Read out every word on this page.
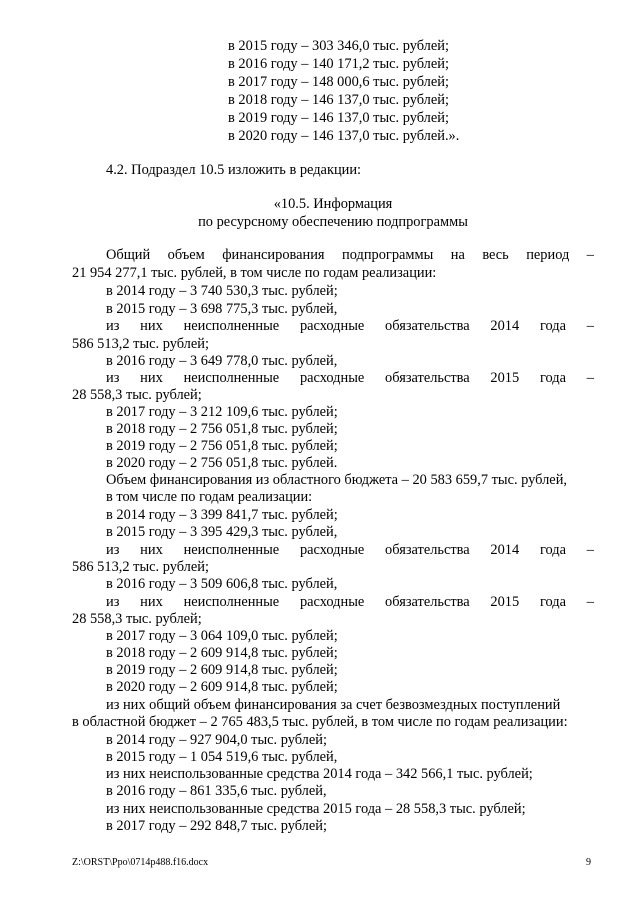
в 2015 году – 303 346,0 тыс. рублей;
в 2016 году – 140 171,2 тыс. рублей;
в 2017 году – 148 000,6 тыс. рублей;
в 2018 году – 146 137,0 тыс. рублей;
в 2019 году – 146 137,0 тыс. рублей;
в 2020 году – 146 137,0 тыс. рублей.».
4.2. Подраздел 10.5 изложить в редакции:
«10.5. Информация
по ресурсному обеспечению подпрограммы
Общий объем финансирования подпрограммы на весь период –
21 954 277,1 тыс. рублей, в том числе по годам реализации:
в 2014 году – 3 740 530,3 тыс. рублей;
в 2015 году – 3 698 775,3 тыс. рублей,
из них неисполненные расходные обязательства 2014 года –
586 513,2 тыс. рублей;
в 2016 году – 3 649 778,0 тыс. рублей,
из них неисполненные расходные обязательства 2015 года –
28 558,3 тыс. рублей;
в 2017 году – 3 212 109,6 тыс. рублей;
в 2018 году – 2 756 051,8 тыс. рублей;
в 2019 году – 2 756 051,8 тыс. рублей;
в 2020 году – 2 756 051,8 тыс. рублей.
Объем финансирования из областного бюджета – 20 583 659,7 тыс. рублей,
в том числе по годам реализации:
в 2014 году – 3 399 841,7 тыс. рублей;
в 2015 году – 3 395 429,3 тыс. рублей,
из них неисполненные расходные обязательства 2014 года –
586 513,2 тыс. рублей;
в 2016 году – 3 509 606,8 тыс. рублей,
из них неисполненные расходные обязательства 2015 года –
28 558,3 тыс. рублей;
в 2017 году – 3 064 109,0 тыс. рублей;
в 2018 году – 2 609 914,8 тыс. рублей;
в 2019 году – 2 609 914,8 тыс. рублей;
в 2020 году – 2 609 914,8 тыс. рублей;
из них общий объем финансирования за счет безвозмездных поступлений
в областной бюджет – 2 765 483,5 тыс. рублей, в том числе по годам реализации:
в 2014 году – 927 904,0 тыс. рублей;
в 2015 году – 1 054 519,6 тыс. рублей,
из них неиспользованные средства 2014 года – 342 566,1 тыс. рублей;
в 2016 году – 861 335,6 тыс. рублей,
из них неиспользованные средства 2015 года – 28 558,3 тыс. рублей;
в 2017 году – 292 848,7 тыс. рублей;
Z:\ORST\Ppo\0714p488.f16.docx	9
